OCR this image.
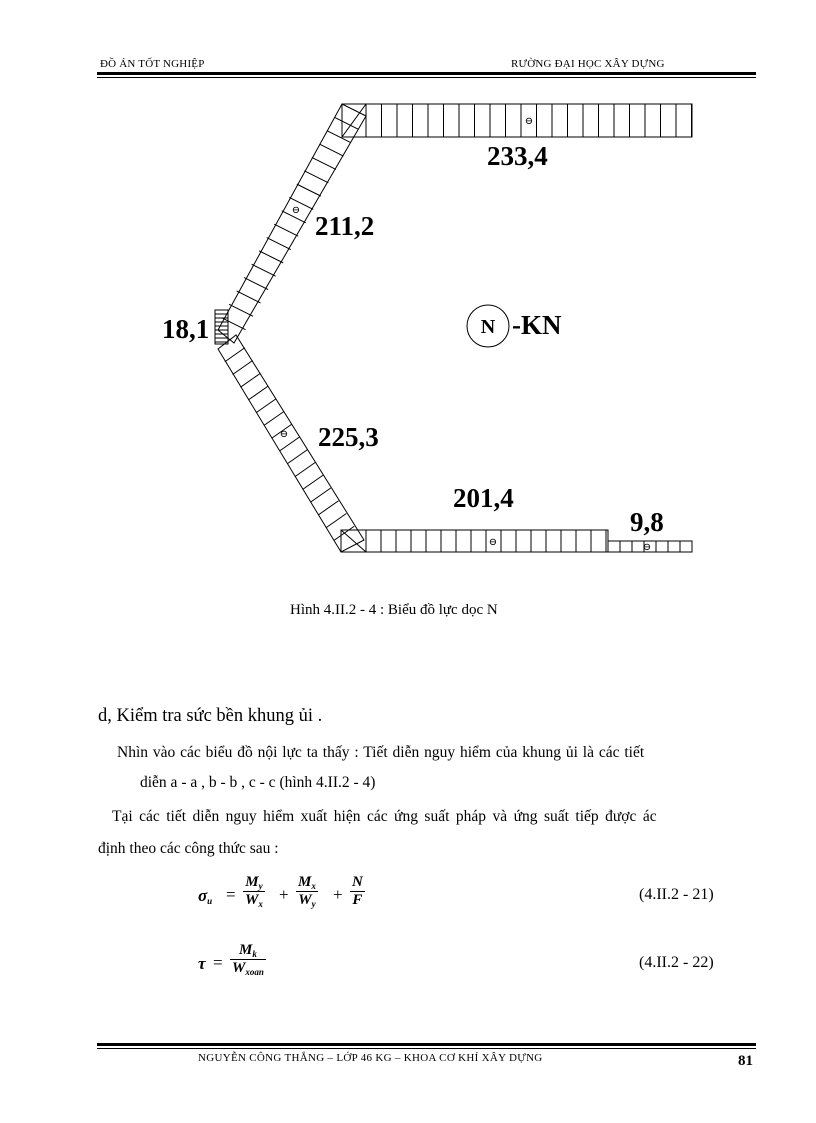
ĐỒ ÁN TỐT NGHIỆP	RƯỜNG ĐẠI HỌC XÂY DỰNG
⊖
⊖
⊖
⊖	⊖
233,4
211,2
18,1
225,3
201,4
9,8
N -KN
Hình 4.II.2 - 4 : Biểu đồ lực dọc N
d, Kiểm tra sức bền khung ủi .
Nhìn vào các biểu đồ nội lực ta thấy : Tiết diễn nguy hiểm của khung ủi là các tiết
diễn a - a , b - b , c - c (hình 4.II.2 - 4)
Tại các tiết diễn nguy hiểm xuất hiện các ứng suất pháp và ứng suất tiếp được ác
định theo các công thức sau :
$\sigma_u = \frac{M_y}{W_x} + \frac{M_x}{W_y} + \frac{N}{F}$	(4.II.2 - 21)
τ =
$M_k$
$W_{xoan}$
(4.II.2 - 22)
NGUYỄN CÔNG THẮNG – LỚP 46 KG – KHOA CƠ KHÍ XÂY DỰNG	81
